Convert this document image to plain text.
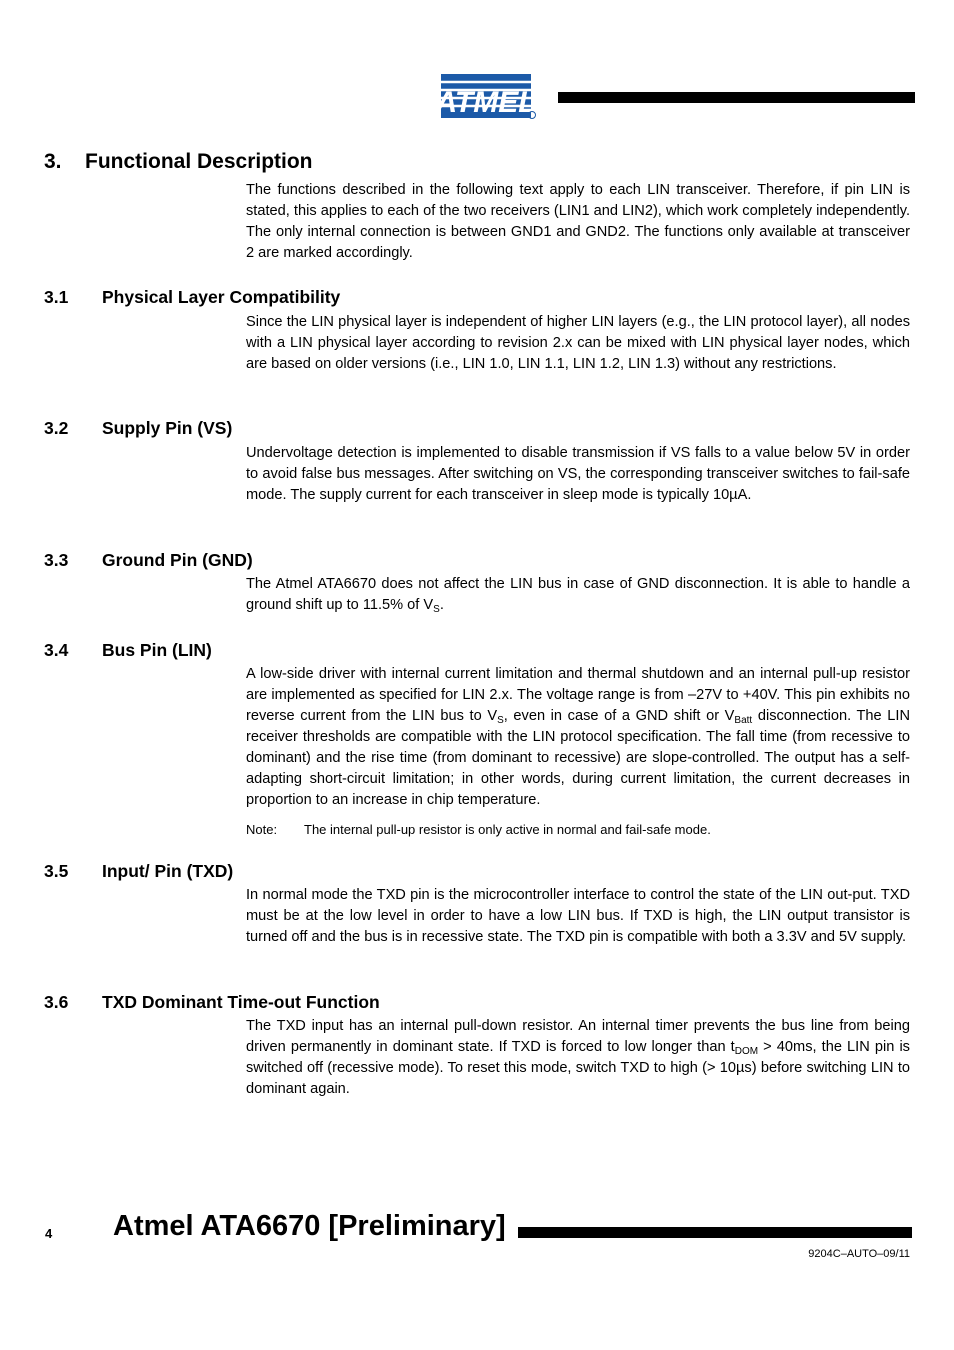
ATMEL
3. Functional Description

The functions described in the following text apply to each LIN transceiver. Therefore, if pin LIN is stated, this applies to each of the two receivers (LIN1 and LIN2), which work completely independently. The only internal connection is between GND1 and GND2. The functions only available at transceiver 2 are marked accordingly.

3.1 Physical Layer Compatibility

Since the LIN physical layer is independent of higher LIN layers (e.g., the LIN protocol layer), all nodes with a LIN physical layer according to revision 2.x can be mixed with LIN physical layer nodes, which are based on older versions (i.e., LIN 1.0, LIN 1.1, LIN 1.2, LIN 1.3) without any restrictions.

3.2 Supply Pin (VS)

Undervoltage detection is implemented to disable transmission if VS falls to a value below 5V in order to avoid false bus messages. After switching on VS, the corresponding transceiver switches to fail-safe mode. The supply current for each transceiver in sleep mode is typically 10µA.

3.3 Ground Pin (GND)

The Atmel ATA6670 does not affect the LIN bus in case of GND disconnection. It is able to handle a ground shift up to 11.5% of $V_S$.

3.4 Bus Pin (LIN)

A low-side driver with internal current limitation and thermal shutdown and an internal pull-up resistor are implemented as specified for LIN 2.x. The voltage range is from –27V to +40V. This pin exhibits no reverse current from the LIN bus to $V_S$, even in case of a GND shift or $V_{Batt}$ disconnection. The LIN receiver thresholds are compatible with the LIN protocol specification. The fall time (from recessive to dominant) and the rise time (from dominant to recessive) are slope-controlled. The output has a self-adapting short-circuit limitation; in other words, during current limitation, the current decreases in proportion to an increase in chip temperature.

Note: The internal pull-up resistor is only active in normal and fail-safe mode.
3.5 Input/ Pin (TXD)

In normal mode the TXD pin is the microcontroller interface to control the state of the LIN out-put. TXD must be at the low level in order to have a low LIN bus. If TXD is high, the LIN output transistor is turned off and the bus is in recessive state. The TXD pin is compatible with both a 3.3V and 5V supply.

3.6 TXD Dominant Time-out Function

The TXD input has an internal pull-down resistor. An internal timer prevents the bus line from being driven permanently in dominant state. If TXD is forced to low longer than $t_{DOM} > 40ms$, the LIN pin is switched off (recessive mode). To reset this mode, switch TXD to high (> 10µs) before switching LIN to dominant again.

4 Atmel ATA6670 [Preliminary]
9204C–AUTO–09/11
